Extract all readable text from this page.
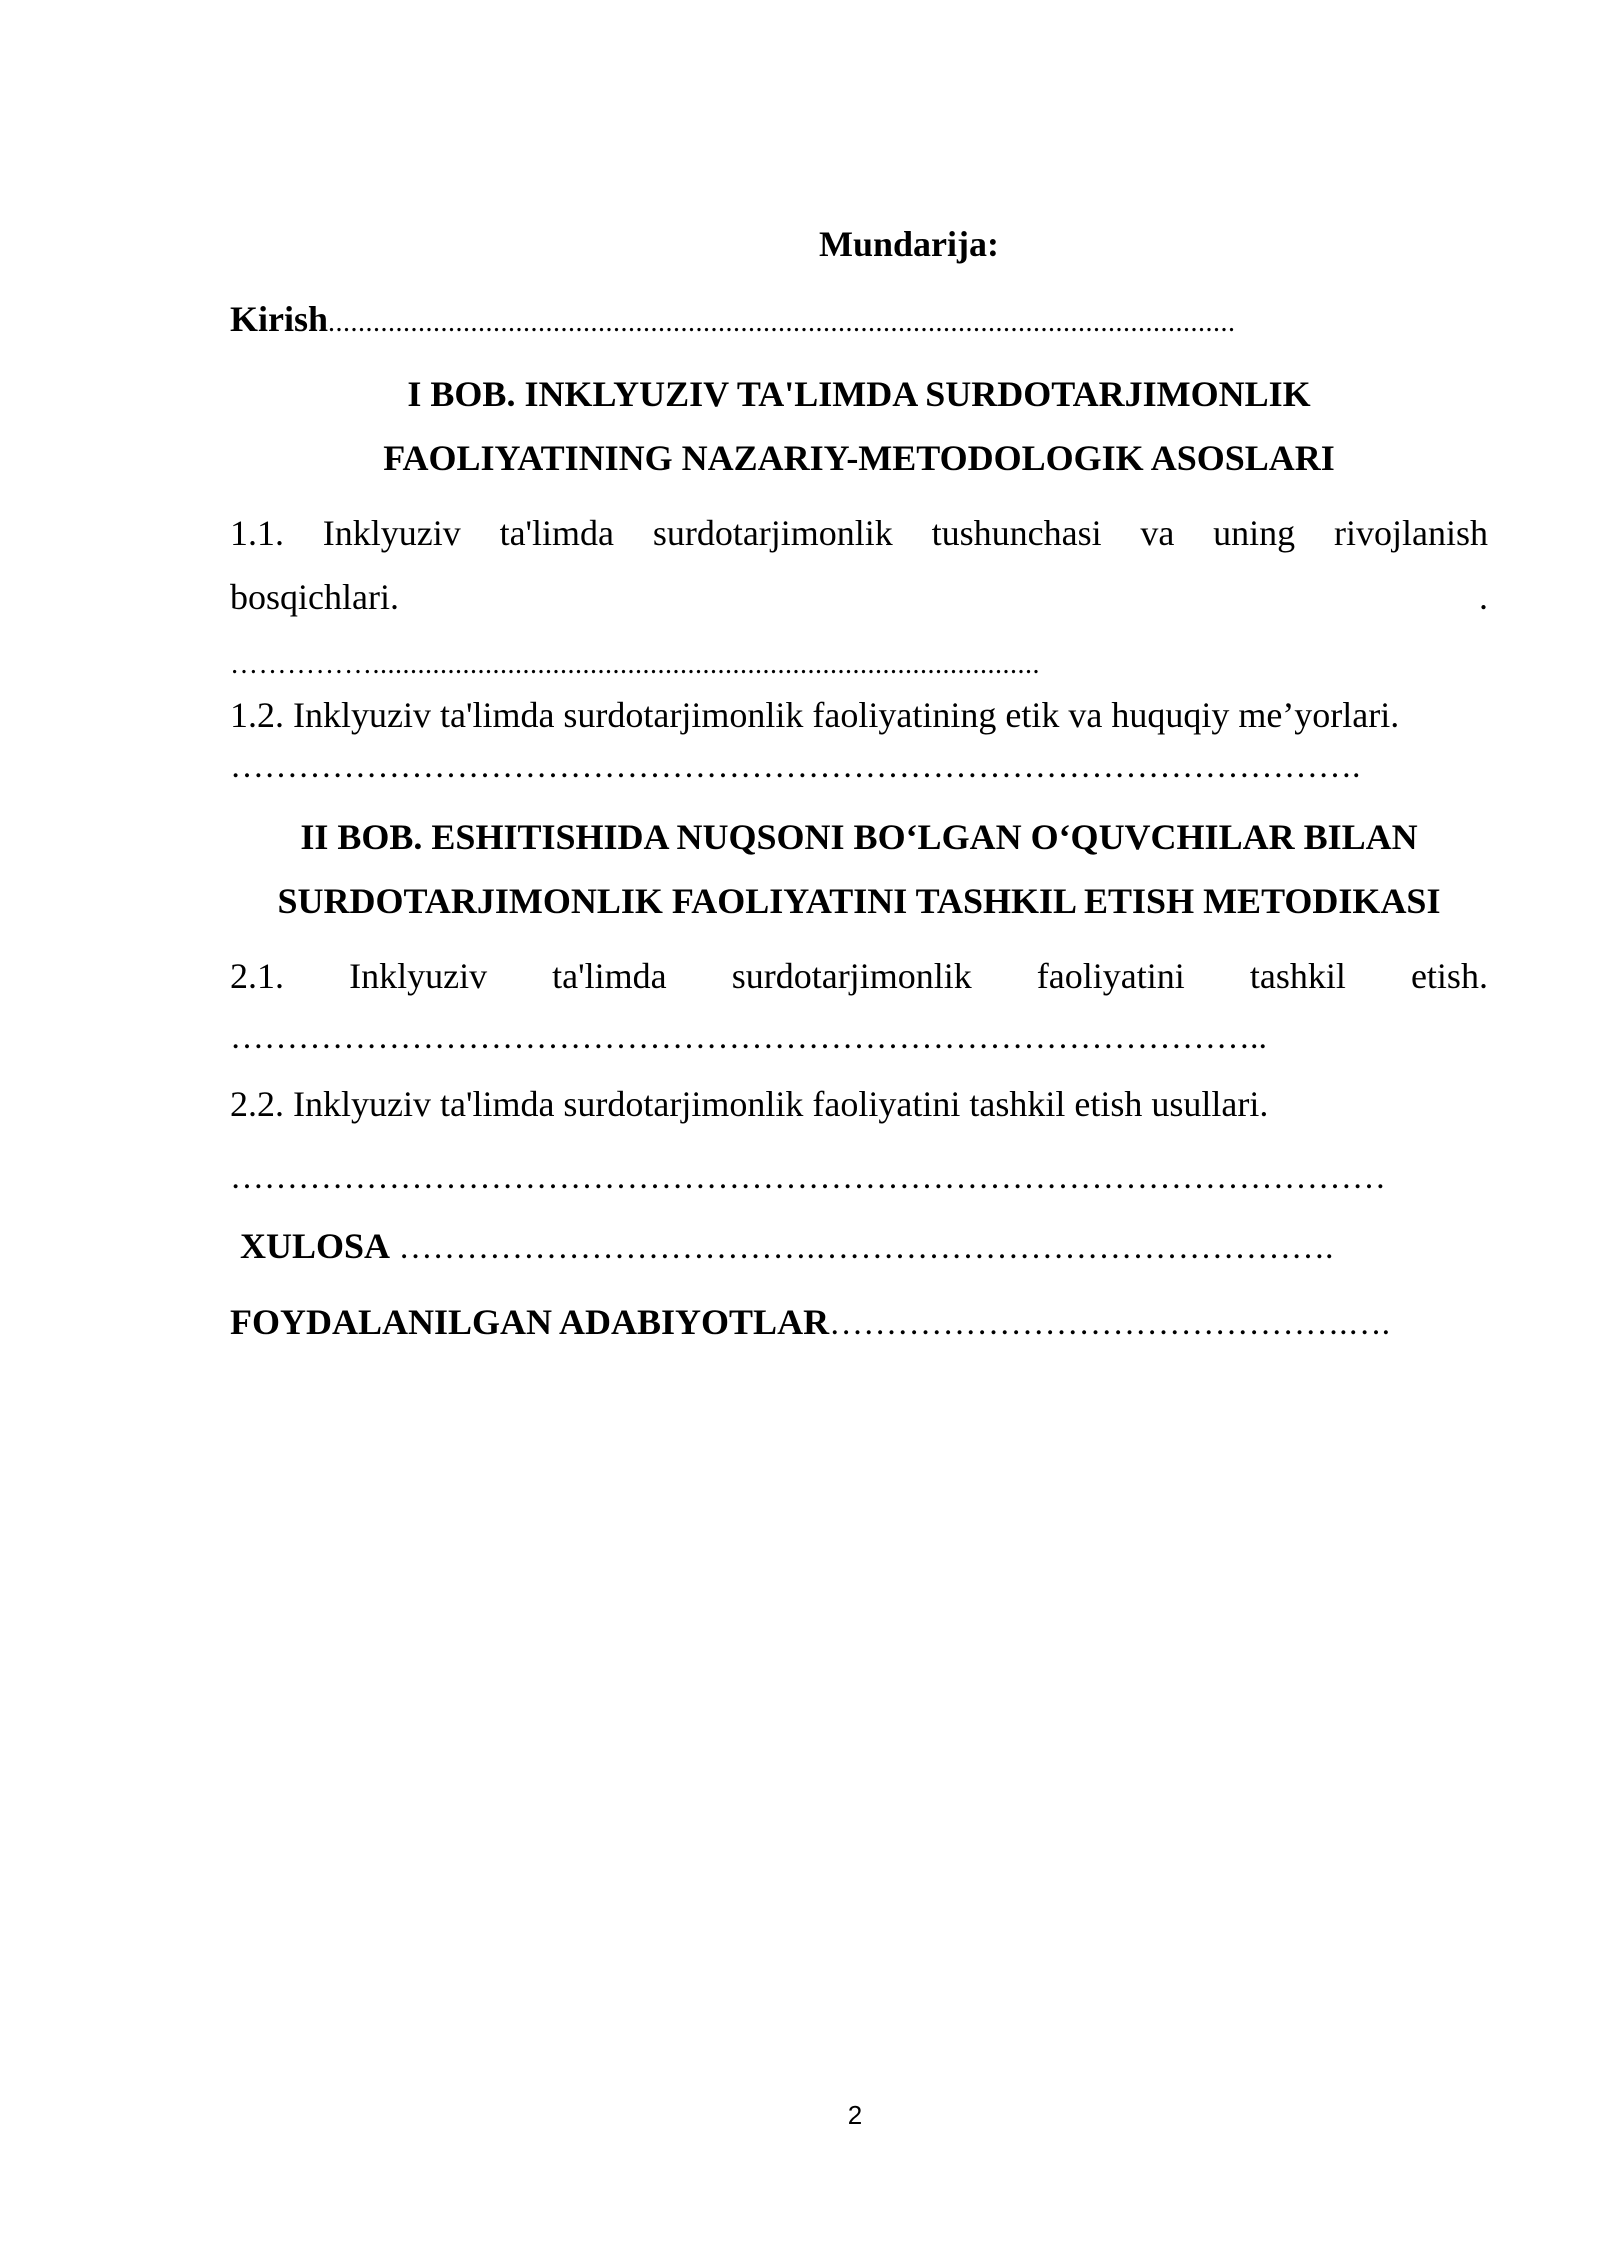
Mundarija:
Kirish.........................................................................................................................
I BOB. INKLYUZIV TA'LIMDA SURDOTARJIMONLIK
FAOLIYATINING NAZARIY-METODOLOGIK ASOSLARI
1.1. Inklyuziv ta'limda surdotarjimonlik tushunchasi va uning rivojlanish
bosqichlari.	.
…………….........................................................................................
1.2. Inklyuziv ta'limda surdotarjimonlik faoliyatining etik va huquqiy me’yorlari.
……………………………………………………………………………………….
II BOB. ESHITISHIDA NUQSONI BO‘LGAN O‘QUVCHILAR BILAN
SURDOTARJIMONLIK FAOLIYATINI TASHKIL ETISH METODIKASI
2.1. Inklyuziv ta'limda surdotarjimonlik faoliyatini tashkil etish.
………………………………………………………………………………..
2.2. Inklyuziv ta'limda surdotarjimonlik faoliyatini tashkil etish usullari.
…………………………………………………………………………………………
XULOSA ……………………………….……………………………………….
FOYDALANILGAN ADABIYOTLAR……………………………………….….
2
